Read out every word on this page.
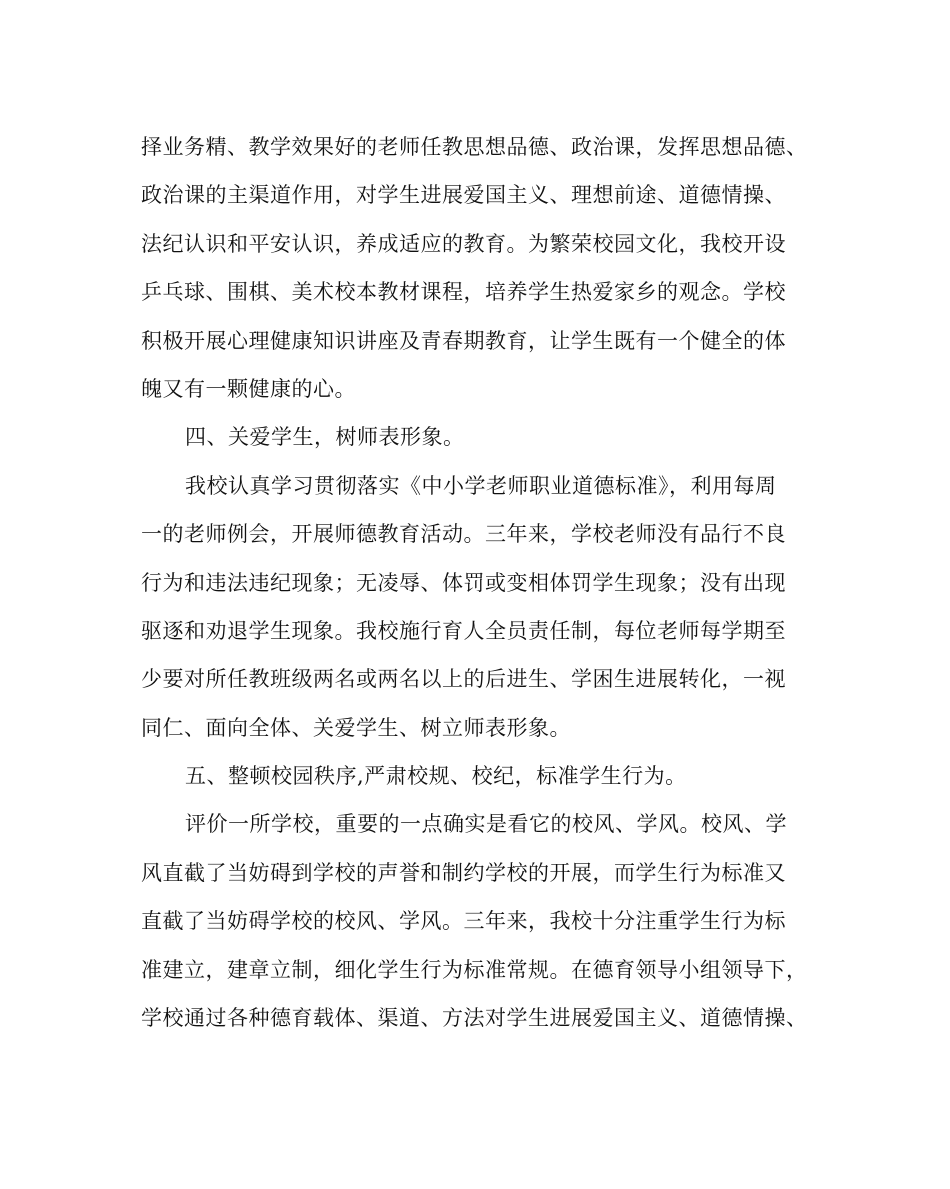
择业务精、教学效果好的老师任教思想品德、政治课，发挥思想品德、
政治课的主渠道作用，对学生进展爱国主义、理想前途、道德情操、
法纪认识和平安认识，养成适应的教育。为繁荣校园文化，我校开设
乒乓球、围棋、美术校本教材课程，培养学生热爱家乡的观念。学校
积极开展心理健康知识讲座及青春期教育，让学生既有一个健全的体
魄又有一颗健康的心。
四、关爱学生，树师表形象。
我校认真学习贯彻落实《中小学老师职业道德标准》，利用每周
一的老师例会，开展师德教育活动。三年来，学校老师没有品行不良
行为和违法违纪现象；无凌辱、体罚或变相体罚学生现象；没有出现
驱逐和劝退学生现象。我校施行育人全员责任制，每位老师每学期至
少要对所任教班级两名或两名以上的后进生、学困生进展转化，一视
同仁、面向全体、关爱学生、树立师表形象。
五、整顿校园秩序,严肃校规、校纪，标准学生行为。
评价一所学校，重要的一点确实是看它的校风、学风。校风、学
风直截了当妨碍到学校的声誉和制约学校的开展，而学生行为标准又
直截了当妨碍学校的校风、学风。三年来，我校十分注重学生行为标
准建立，建章立制，细化学生行为标准常规。在德育领导小组领导下，
学校通过各种德育载体、渠道、方法对学生进展爱国主义、道德情操、
